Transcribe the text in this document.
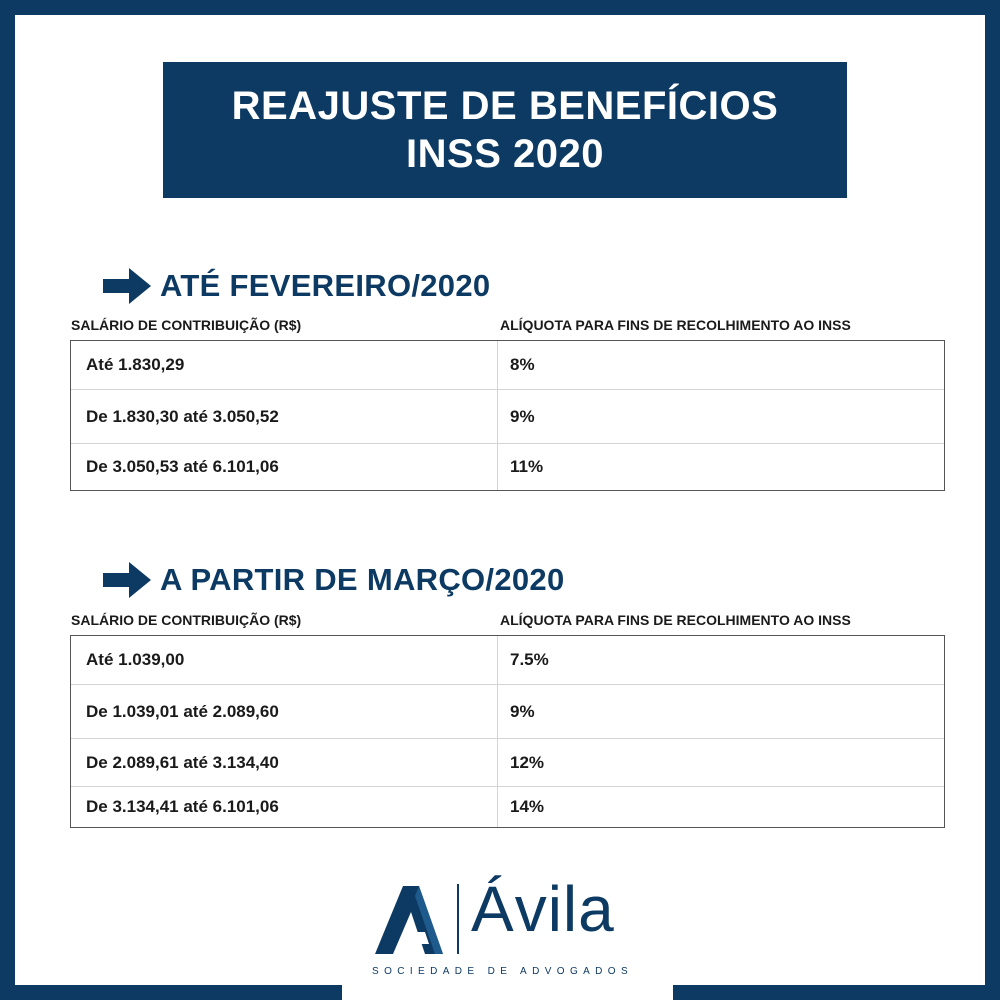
REAJUSTE DE BENEFÍCIOS
INSS 2020
ATÉ FEVEREIRO/2020
SALÁRIO DE CONTRIBUIÇÃO (R$)	ALÍQUOTA PARA FINS DE RECOLHIMENTO AO INSS
Até 1.830,29	8%
De 1.830,30 até 3.050,52	9%
De 3.050,53 até 6.101,06	11%
A PARTIR DE MARÇO/2020
SALÁRIO DE CONTRIBUIÇÃO (R$)	ALÍQUOTA PARA FINS DE RECOLHIMENTO AO INSS
Até 1.039,00	7.5%
De 1.039,01 até 2.089,60	9%
De 2.089,61 até 3.134,40	12%
De 3.134,41 até 6.101,06	14%
Ávila
SOCIEDADE DE ADVOGADOS
